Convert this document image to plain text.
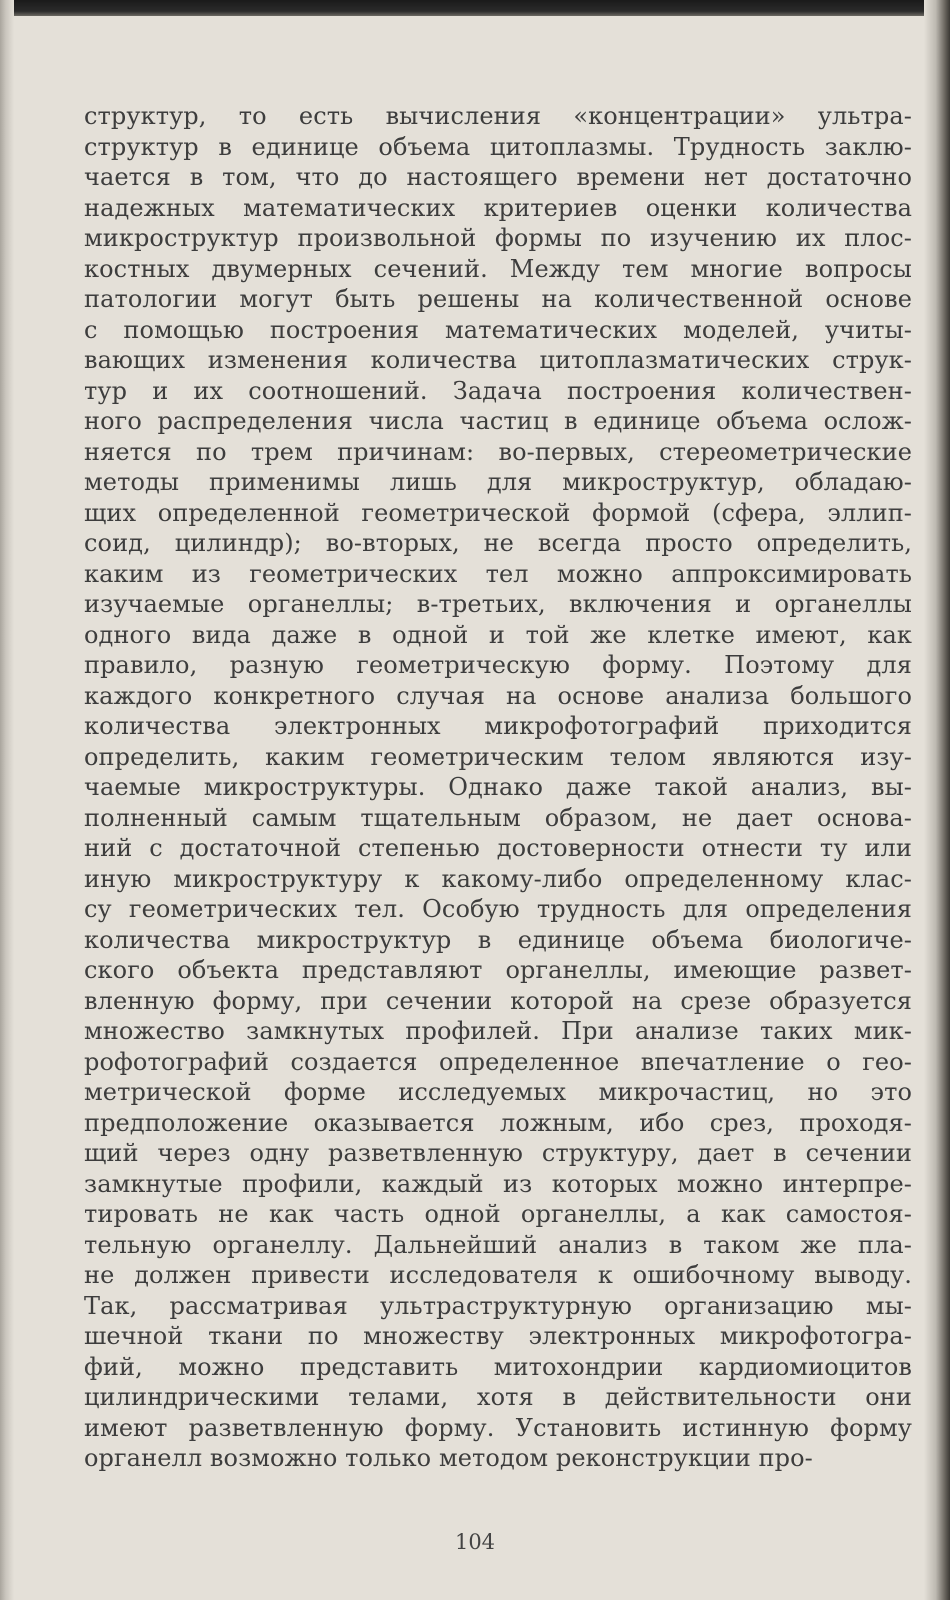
структур, то есть вычисления «концентрации» ультра-
структур в единице объема цитоплазмы. Трудность заклю-
чается в том, что до настоящего времени нет достаточно
надежных математических критериев оценки количества
микроструктур произвольной формы по изучению их плос-
костных двумерных сечений. Между тем многие вопросы
патологии могут быть решены на количественной основе
с помощью построения математических моделей, учиты-
вающих изменения количества цитоплазматических струк-
тур и их соотношений. Задача построения количествен-
ного распределения числа частиц в единице объема ослож-
няется по трем причинам: во-первых, стереометрические
методы применимы лишь для микроструктур, обладаю-
щих определенной геометрической формой (сфера, эллип-
соид, цилиндр); во-вторых, не всегда просто определить,
каким из геометрических тел можно аппроксимировать
изучаемые органеллы; в-третьих, включения и органеллы
одного вида даже в одной и той же клетке имеют, как
правило, разную геометрическую форму. Поэтому для
каждого конкретного случая на основе анализа большого
количества электронных микрофотографий приходится
определить, каким геометрическим телом являются изу-
чаемые микроструктуры. Однако даже такой анализ, вы-
полненный самым тщательным образом, не дает основа-
ний с достаточной степенью достоверности отнести ту или
иную микроструктуру к какому-либо определенному клас-
су геометрических тел. Особую трудность для определения
количества микроструктур в единице объема биологиче-
ского объекта представляют органеллы, имеющие развет-
вленную форму, при сечении которой на срезе образуется
множество замкнутых профилей. При анализе таких мик-
рофотографий создается определенное впечатление о гео-
метрической форме исследуемых микрочастиц, но это
предположение оказывается ложным, ибо срез, проходя-
щий через одну разветвленную структуру, дает в сечении
замкнутые профили, каждый из которых можно интерпре-
тировать не как часть одной органеллы, а как самостоя-
тельную органеллу. Дальнейший анализ в таком же пла-
не должен привести исследователя к ошибочному выводу.
Так, рассматривая ультраструктурную организацию мы-
шечной ткани по множеству электронных микрофотогра-
фий, можно представить митохондрии кардиомиоцитов
цилиндрическими телами, хотя в действительности они
имеют разветвленную форму. Установить истинную форму
органелл возможно только методом реконструкции про-
104
